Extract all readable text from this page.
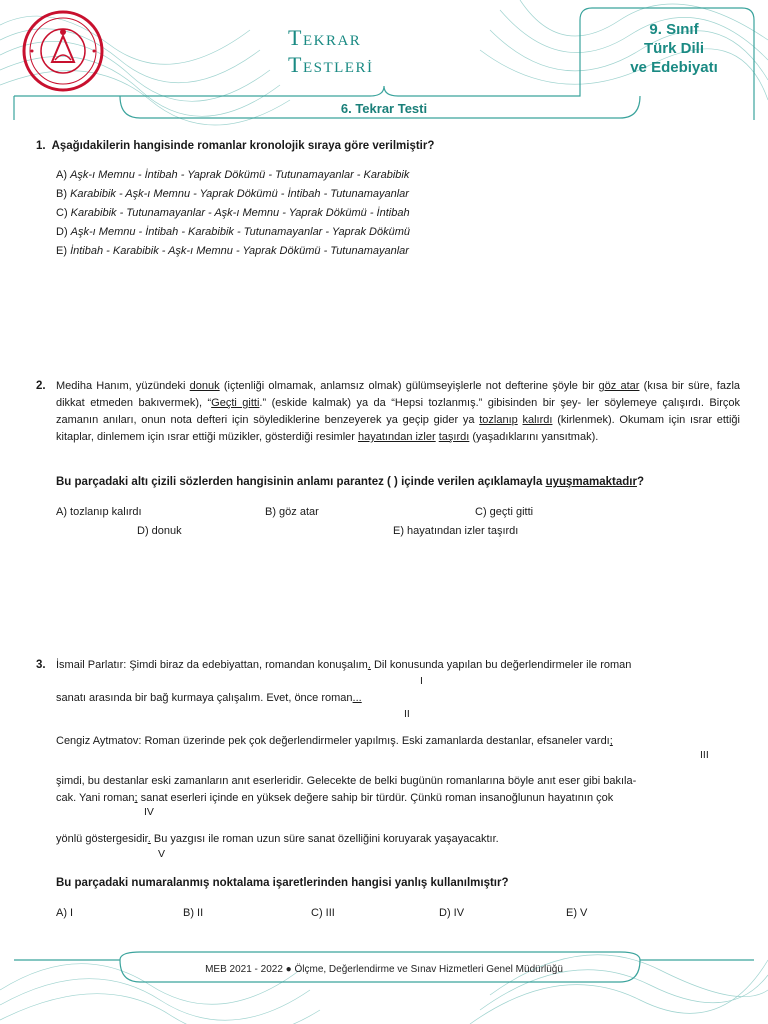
TEKRAR
TESTLERİ
9. Sınıf
Türk Dili
ve Edebiyatı
6. Tekrar Testi
1. Aşağıdakilerin hangisinde romanlar kronolojik sıraya göre verilmiştir?
A) Aşk-ı Memnu - İntibah - Yaprak Dökümü - Tutunamayanlar - Karabibik
B) Karabibik - Aşk-ı Memnu - Yaprak Dökümü - İntibah - Tutunamayanlar
C) Karabibik - Tutunamayanlar - Aşk-ı Memnu - Yaprak Dökümü - İntibah
D) Aşk-ı Memnu - İntibah - Karabibik - Tutunamayanlar - Yaprak Dökümü
E) İntibah - Karabibik - Aşk-ı Memnu - Yaprak Dökümü - Tutunamayanlar
2. Mediha Hanım, yüzündeki donuk (içtenliği olmamak, anlamsız olmak) gülümseyişlerle not defterine şöyle bir göz atar (kısa bir süre, fazla dikkat etmeden bakıvermek), “Geçti gitti.” (eskide kalmak) ya da “Hepsi tozlanmış.” gibisinden bir şey- ler söylemeye çalışırdı. Birçok zamanın anıları, onun nota defteri için söylediklerine benzeyerek ya geçip gider ya tozlanıp kalırdı (kirlenmek). Okumam için ısrar ettiği kitaplar, dinlemem için ısrar ettiği müzikler, gösterdiği resimler hayatından izler taşırdı (yaşadıklarını yansıtmak).
Bu parçadaki altı çizili sözlerden hangisinin anlamı parantez ( ) içinde verilen açıklamayla uyuşmamaktadır?
A) tozlanıp kalırdı	B) göz atar	C) geçti gitti
D) donuk	E) hayatından izler taşırdı
3. İsmail Parlatır: Şimdi biraz da edebiyattan, romandan konuşalım. Dil konusunda yapılan bu değerlendirmeler ile roman
I
sanatı arasında bir bağ kurmaya çalışalım. Evet, önce roman...
II
Cengiz Aytmatov: Roman üzerinde pek çok değerlendirmeler yapılmış. Eski zamanlarda destanlar, efsaneler vardı;
III
şimdi, bu destanlar eski zamanların anıt eserleridir. Gelecekte de belki bugünün romanlarına böyle anıt eser gibi bakıla-
cak. Yani roman; sanat eserleri içinde en yüksek değere sahip bir türdür. Çünkü roman insanoğlunun hayatının çok
IV
yönlü göstergesidir. Bu yazgısı ile roman uzun süre sanat özelliğini koruyarak yaşayacaktır.
V
Bu parçadaki numaralanmış noktalama işaretlerinden hangisi yanlış kullanılmıştır?
A) I	B) II	C) III	D) IV	E) V
MEB 2021 - 2022 ● Ölçme, Değerlendirme ve Sınav Hizmetleri Genel Müdürlüğü
